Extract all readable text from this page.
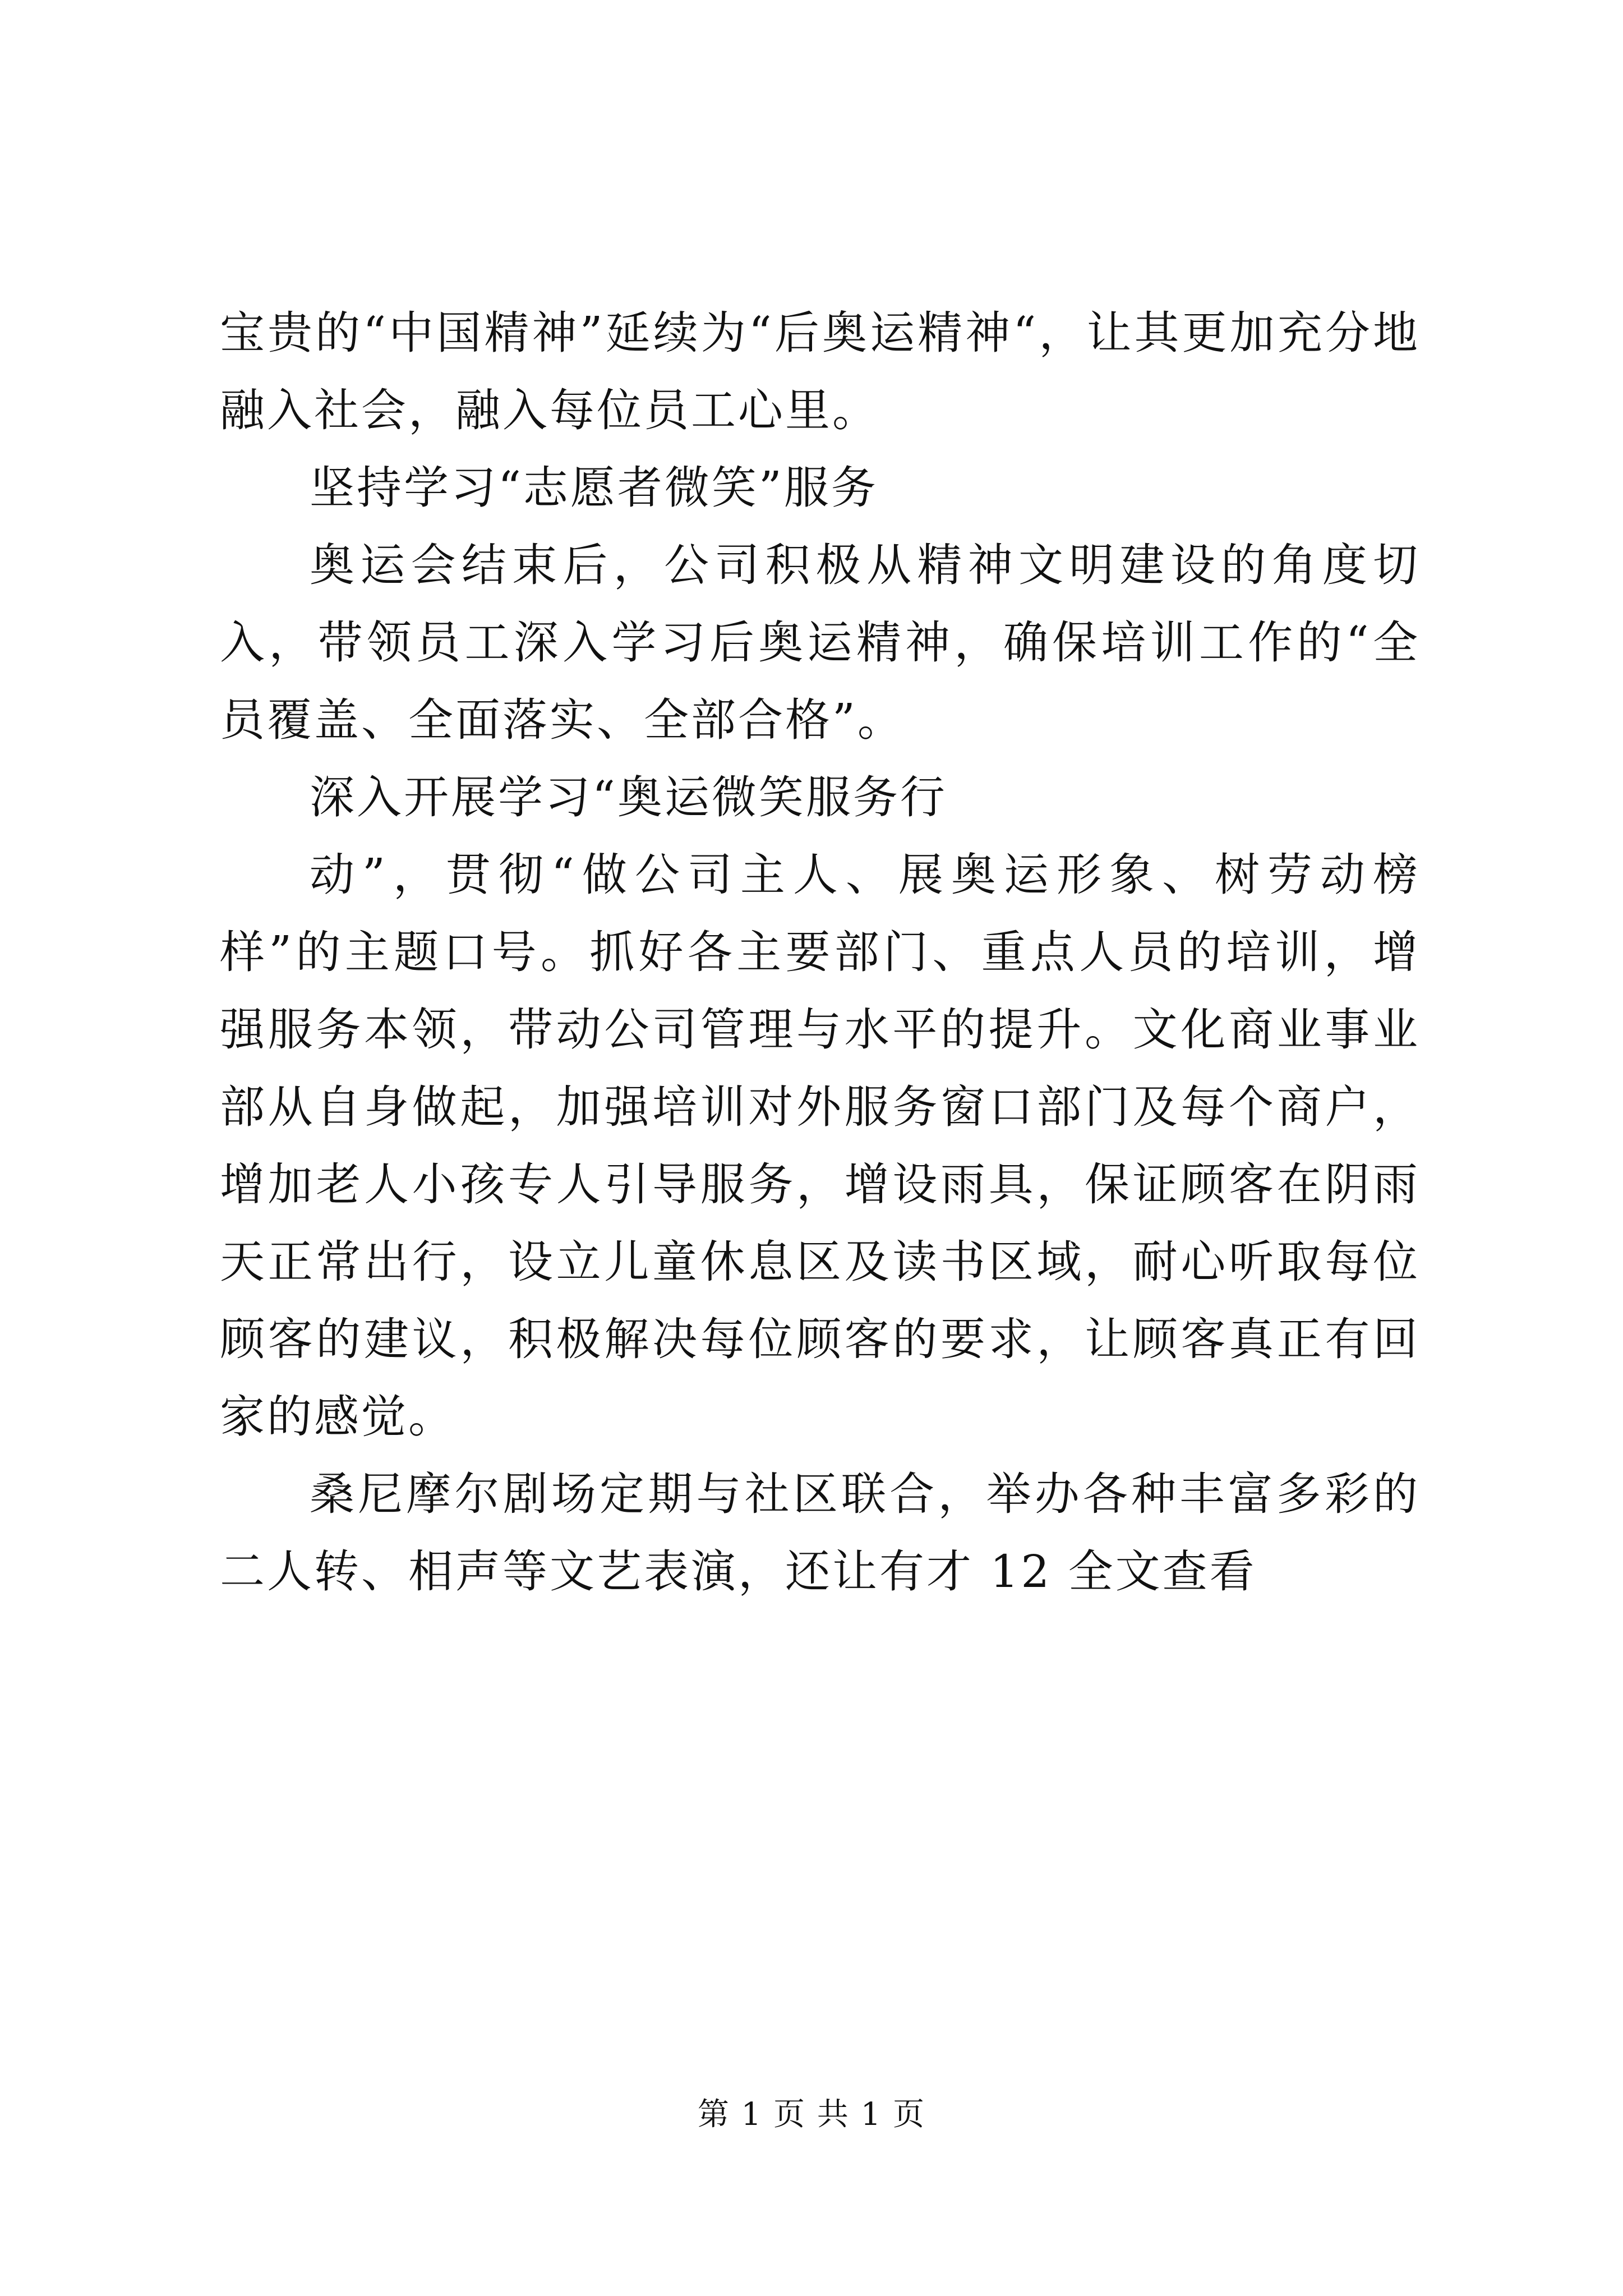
宝贵的“中国精神”延续为“后奥运精神“，让其更加充分地融入社会，融入每位员工心里。

坚持学习“志愿者微笑”服务

奥运会结束后，公司积极从精神文明建设的角度切入，带领员工深入学习后奥运精神，确保培训工作的“全员覆盖、全面落实、全部合格”。

深入开展学习“奥运微笑服务行

动”，贯彻“做公司主人、展奥运形象、树劳动榜样”的主题口号。抓好各主要部门、重点人员的培训，增强服务本领，带动公司管理与水平的提升。文化商业事业部从自身做起，加强培训对外服务窗口部门及每个商户，增加老人小孩专人引导服务，增设雨具，保证顾客在阴雨天正常出行，设立儿童休息区及读书区域，耐心听取每位顾客的建议，积极解决每位顾客的要求，让顾客真正有回家的感觉。

桑尼摩尔剧场定期与社区联合，举办各种丰富多彩的二人转、相声等文艺表演，还让有才 12 全文查看

第 1 页 共 1 页
